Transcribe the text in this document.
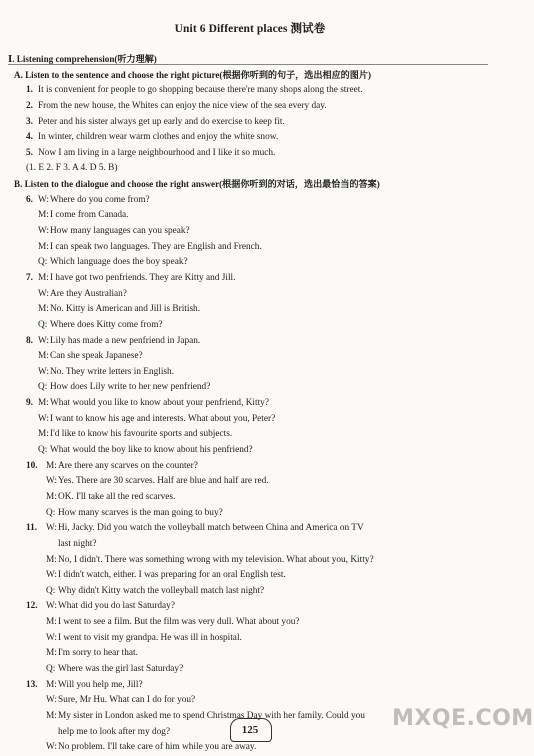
Unit 6 Different places 测试卷
Ⅰ. Listening comprehension(听力理解)
A. Listen to the sentence and choose the right picture(根据你听到的句子，选出相应的图片)
1. It is convenient for people to go shopping because there're many shops along the street.
2. From the new house, the Whites can enjoy the nice view of the sea every day.
3. Peter and his sister always get up early and do exercise to keep fit.
4. In winter, children wear warm clothes and enjoy the white snow.
5. Now I am living in a large neighbourhood and I like it so much.
(1. E 2. F 3. A 4. D 5. B)
B. Listen to the dialogue and choose the right answer(根据你听到的对话，选出最恰当的答案)
6. W: Where do you come from?
M: I come from Canada.
W: How many languages can you speak?
M: I can speak two languages. They are English and French.
Q: Which language does the boy speak?
7. M: I have got two penfriends. They are Kitty and Jill.
W: Are they Australian?
M: No. Kitty is American and Jill is British.
Q: Where does Kitty come from?
8. W: Lily has made a new penfriend in Japan.
M: Can she speak Japanese?
W: No. They write letters in English.
Q: How does Lily write to her new penfriend?
9. M: What would you like to know about your penfriend, Kitty?
W: I want to know his age and interests. What about you, Peter?
M: I'd like to know his favourite sports and subjects.
Q: What would the boy like to know about his penfriend?
10. M: Are there any scarves on the counter?
W: Yes. There are 30 scarves. Half are blue and half are red.
M: OK. I'll take all the red scarves.
Q: How many scarves is the man going to buy?
11. W: Hi, Jacky. Did you watch the volleyball match between China and America on TV
last night?
M: No, I didn't. There was something wrong with my television. What about you, Kitty?
W: I didn't watch, either. I was preparing for an oral English test.
Q: Why didn't Kitty watch the volleyball match last night?
12. W: What did you do last Saturday?
M: I went to see a film. But the film was very dull. What about you?
W: I went to visit my grandpa. He was ill in hospital.
M: I'm sorry to hear that.
Q: Where was the girl last Saturday?
13. M: Will you help me, Jill?
W: Sure, Mr Hu. What can I do for you?
M: My sister in London asked me to spend Christmas Day with her family. Could you
help me to look after my dog?
W: No problem. I'll take care of him while you are away.
125	MXQE.COM
